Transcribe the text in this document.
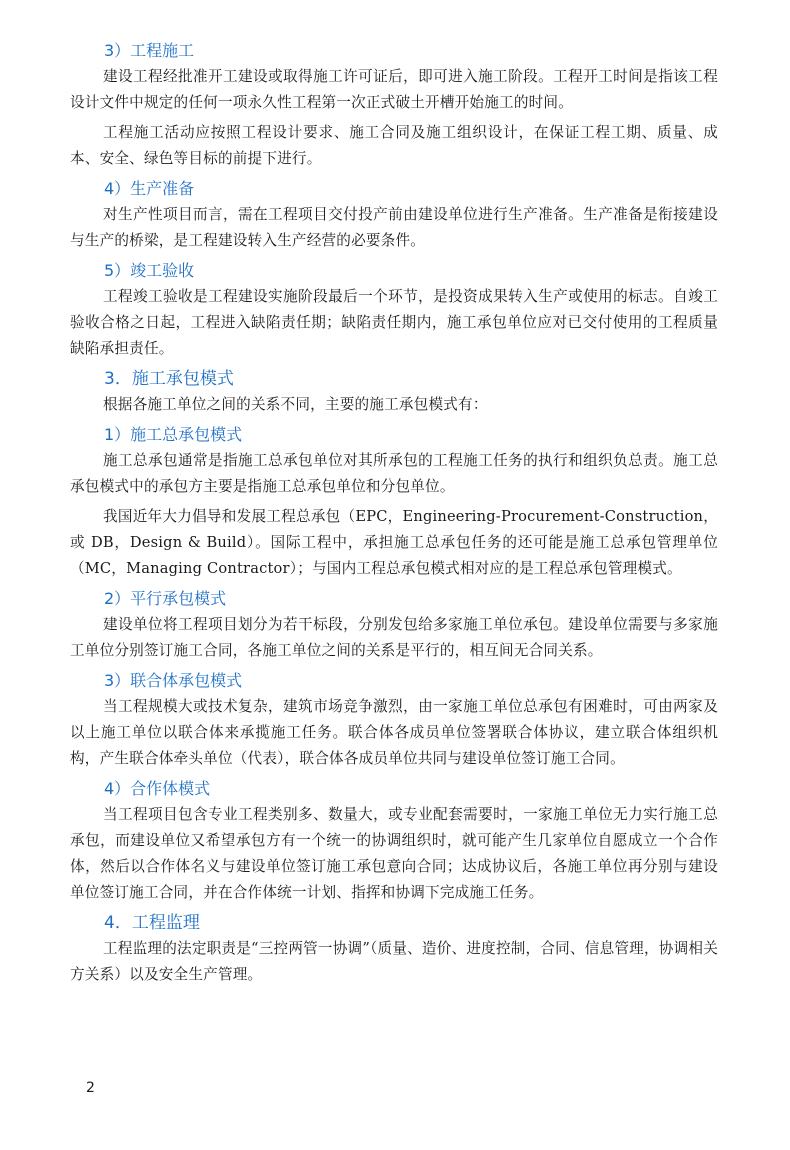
3）工程施工

建设工程经批准开工建设或取得施工许可证后，即可进入施工阶段。工程开工时间是指该工程设计文件中规定的任何一项永久性工程第一次正式破土开槽开始施工的时间。

工程施工活动应按照工程设计要求、施工合同及施工组织设计，在保证工程工期、质量、成本、安全、绿色等目标的前提下进行。

4）生产准备

对生产性项目而言，需在工程项目交付投产前由建设单位进行生产准备。生产准备是衔接建设与生产的桥梁，是工程建设转入生产经营的必要条件。

5）竣工验收

工程竣工验收是工程建设实施阶段最后一个环节，是投资成果转入生产或使用的标志。自竣工验收合格之日起，工程进入缺陷责任期；缺陷责任期内，施工承包单位应对已交付使用的工程质量缺陷承担责任。

3．施工承包模式

根据各施工单位之间的关系不同，主要的施工承包模式有：

1）施工总承包模式

施工总承包通常是指施工总承包单位对其所承包的工程施工任务的执行和组织负总责。施工总承包模式中的承包方主要是指施工总承包单位和分包单位。

我国近年大力倡导和发展工程总承包（EPC，Engineering-Procurement-Construction，或 DB，Design & Build）。国际工程中，承担施工总承包任务的还可能是施工总承包管理单位（MC，Managing Contractor）；与国内工程总承包模式相对应的是工程总承包管理模式。

2）平行承包模式

建设单位将工程项目划分为若干标段，分别发包给多家施工单位承包。建设单位需要与多家施工单位分别签订施工合同，各施工单位之间的关系是平行的，相互间无合同关系。

3）联合体承包模式

当工程规模大或技术复杂，建筑市场竞争激烈，由一家施工单位总承包有困难时，可由两家及以上施工单位以联合体来承揽施工任务。联合体各成员单位签署联合体协议，建立联合体组织机构，产生联合体牵头单位（代表），联合体各成员单位共同与建设单位签订施工合同。

4）合作体模式

当工程项目包含专业工程类别多、数量大，或专业配套需要时，一家施工单位无力实行施工总承包，而建设单位又希望承包方有一个统一的协调组织时，就可能产生几家单位自愿成立一个合作体，然后以合作体名义与建设单位签订施工承包意向合同；达成协议后，各施工单位再分别与建设单位签订施工合同，并在合作体统一计划、指挥和协调下完成施工任务。

4．工程监理

工程监理的法定职责是“三控两管一协调”（质量、造价、进度控制，合同、信息管理，协调相关方关系）以及安全生产管理。

2
